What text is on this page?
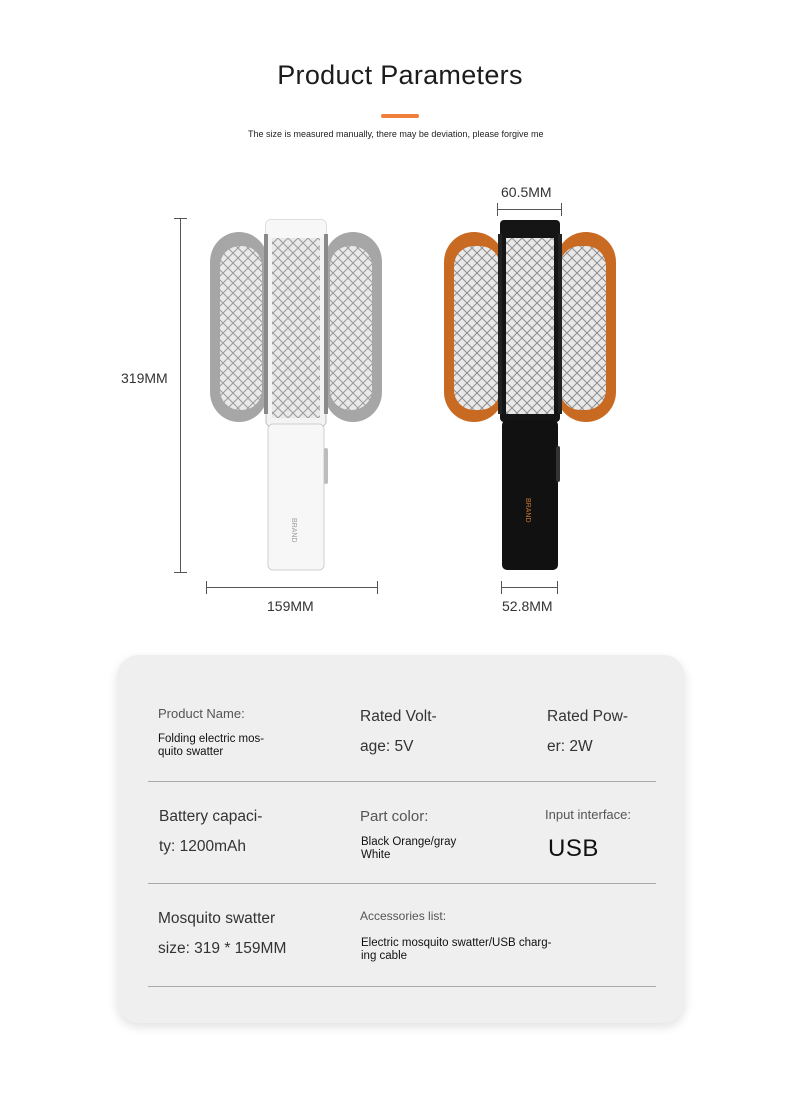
Product Parameters
The size is measured manually, there may be deviation, please forgive me
319MM
159MM
60.5MM
52.8MM
BRAND
BRAND
Product Name:
Folding electric mos-
quito swatter
Rated Volt-
age: 5V
Rated Pow-
er: 2W
Battery capaci-
ty: 1200mAh
Part color:
Black Orange/gray
White
Input interface:
USB
Mosquito swatter
size: 319 * 159MM
Accessories list:
Electric mosquito swatter/USB charg-
ing cable
